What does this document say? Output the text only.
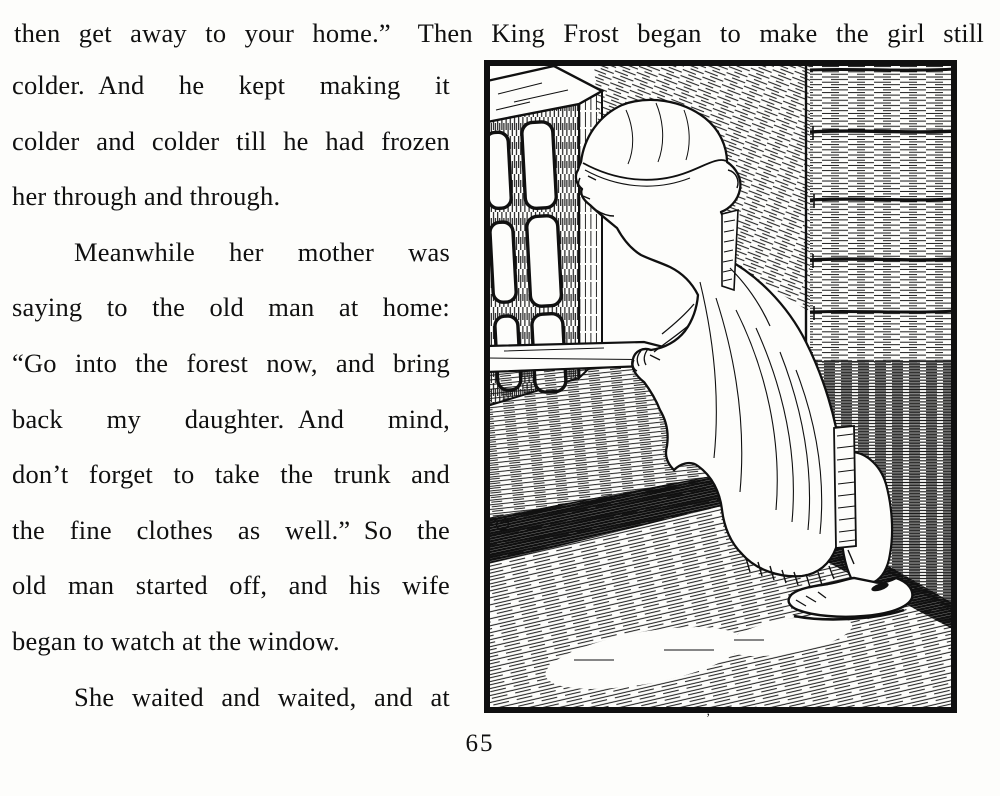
then get away to your home.” Then King Frost began to make the girl still
colder. And he kept making it
colder and colder till he had frozen
her through and through.
Meanwhile her mother was
saying to the old man at home:
“Go into the forest now, and bring
back my daughter. And mind,
don’t forget to take the trunk and
the fine clothes as well.” So the
old man started off, and his wife
began to watch at the window.
She waited and waited, and at
65
’
